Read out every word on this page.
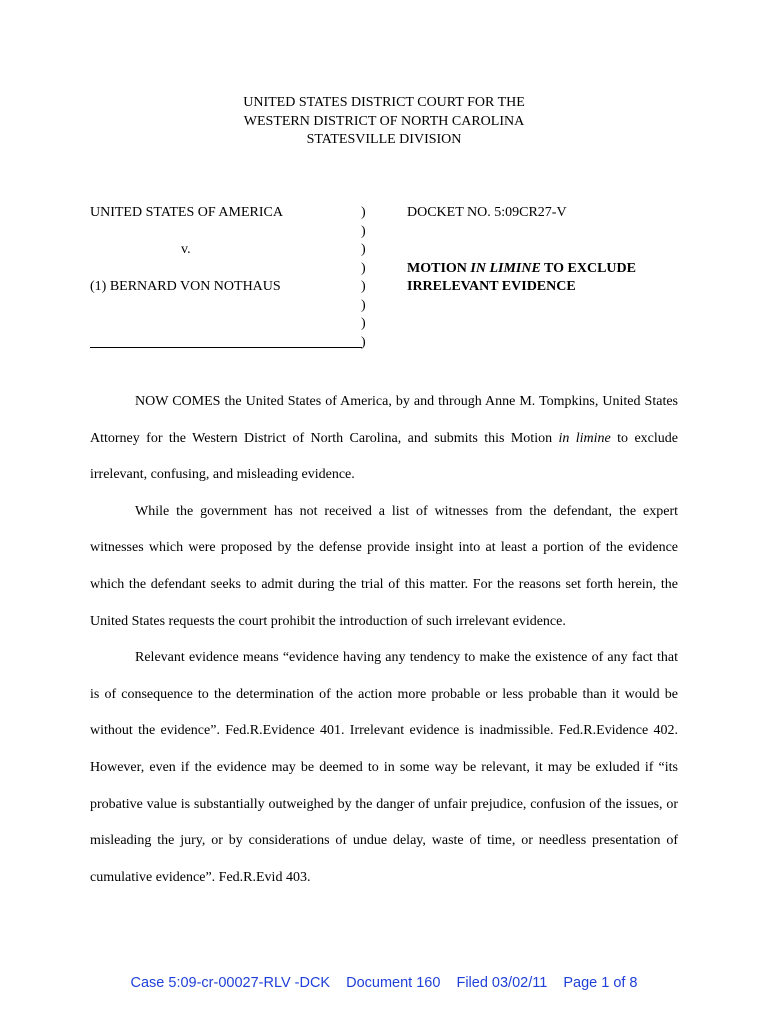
UNITED STATES DISTRICT COURT FOR THE
WESTERN DISTRICT OF NORTH CAROLINA
STATESVILLE DIVISION
UNITED STATES OF AMERICA
v.
(1) BERNARD VON NOTHAUS
)
)
)
)
)
)
)
)
DOCKET NO. 5:09CR27-V
MOTION IN LIMINE TO EXCLUDE
IRRELEVANT EVIDENCE

NOW COMES the United States of America, by and through Anne M. Tompkins, United States Attorney for the Western District of North Carolina, and submits this Motion in limine to exclude irrelevant, confusing, and misleading evidence.

While the government has not received a list of witnesses from the defendant, the expert witnesses which were proposed by the defense provide insight into at least a portion of the evidence which the defendant seeks to admit during the trial of this matter. For the reasons set forth herein, the United States requests the court prohibit the introduction of such irrelevant evidence.

Relevant evidence means “evidence having any tendency to make the existence of any fact that is of consequence to the determination of the action more probable or less probable than it would be without the evidence”. Fed.R.Evidence 401. Irrelevant evidence is inadmissible. Fed.R.Evidence 402. However, even if the evidence may be deemed to in some way be relevant, it may be exluded if “its probative value is substantially outweighed by the danger of unfair prejudice, confusion of the issues, or misleading the jury, or by considerations of undue delay, waste of time, or needless presentation of cumulative evidence”. Fed.R.Evid 403.

Case 5:09-cr-00027-RLV -DCK Document 160 Filed 03/02/11 Page 1 of 8
